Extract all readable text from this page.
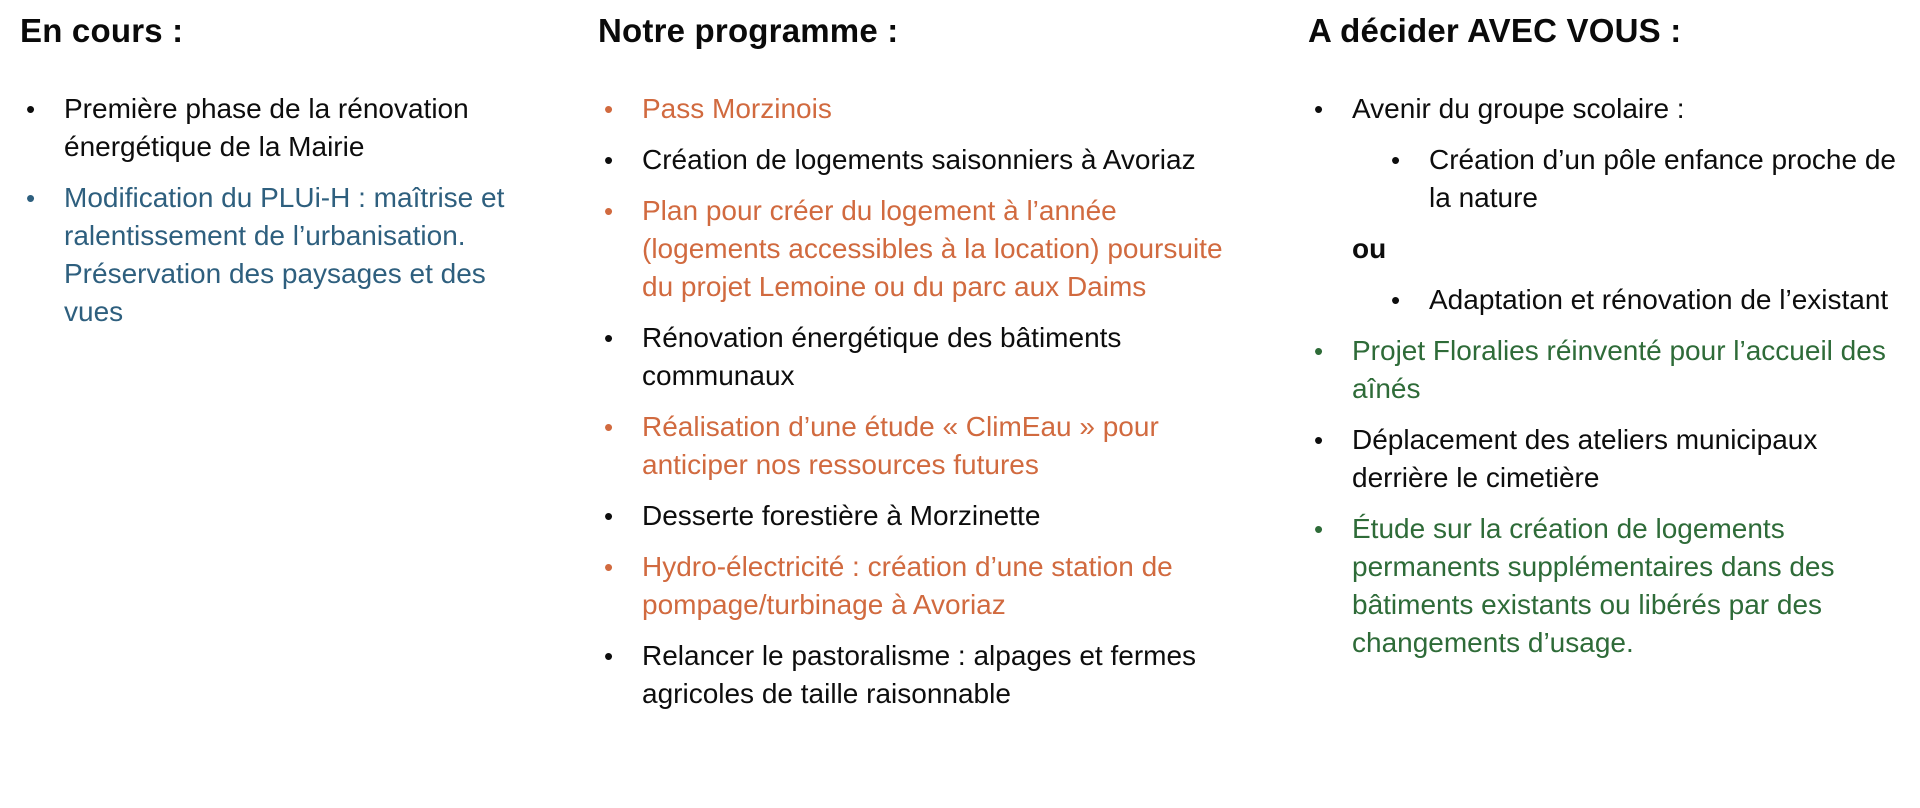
En cours :
•	Première phase de la rénovation énergétique de la Mairie
•	Modification du PLUi-H : maîtrise et ralentissement de l’urbanisation. Préservation des paysages et des vues
Notre programme :
•	Pass Morzinois
•	Création de logements saisonniers à Avoriaz
•	Plan pour créer du logement à l’année (logements accessibles à la location) poursuite du projet Lemoine ou du parc aux Daims
•	Rénovation énergétique des bâtiments communaux
•	Réalisation d’une étude « ClimEau » pour anticiper nos ressources futures
•	Desserte forestière à Morzinette
•	Hydro-électricité : création d’une station de pompage/turbinage à Avoriaz
•	Relancer le pastoralisme : alpages et fermes agricoles de taille raisonnable
A décider AVEC VOUS :
•	Avenir du groupe scolaire :
•	Création d’un pôle enfance proche de la nature
ou
•	Adaptation et rénovation de l’existant
•	Projet Floralies réinventé pour l’accueil des aînés
•	Déplacement des ateliers municipaux derrière le cimetière
•	Étude sur la création de logements permanents supplémentaires dans des bâtiments existants ou libérés par des changements d’usage.
